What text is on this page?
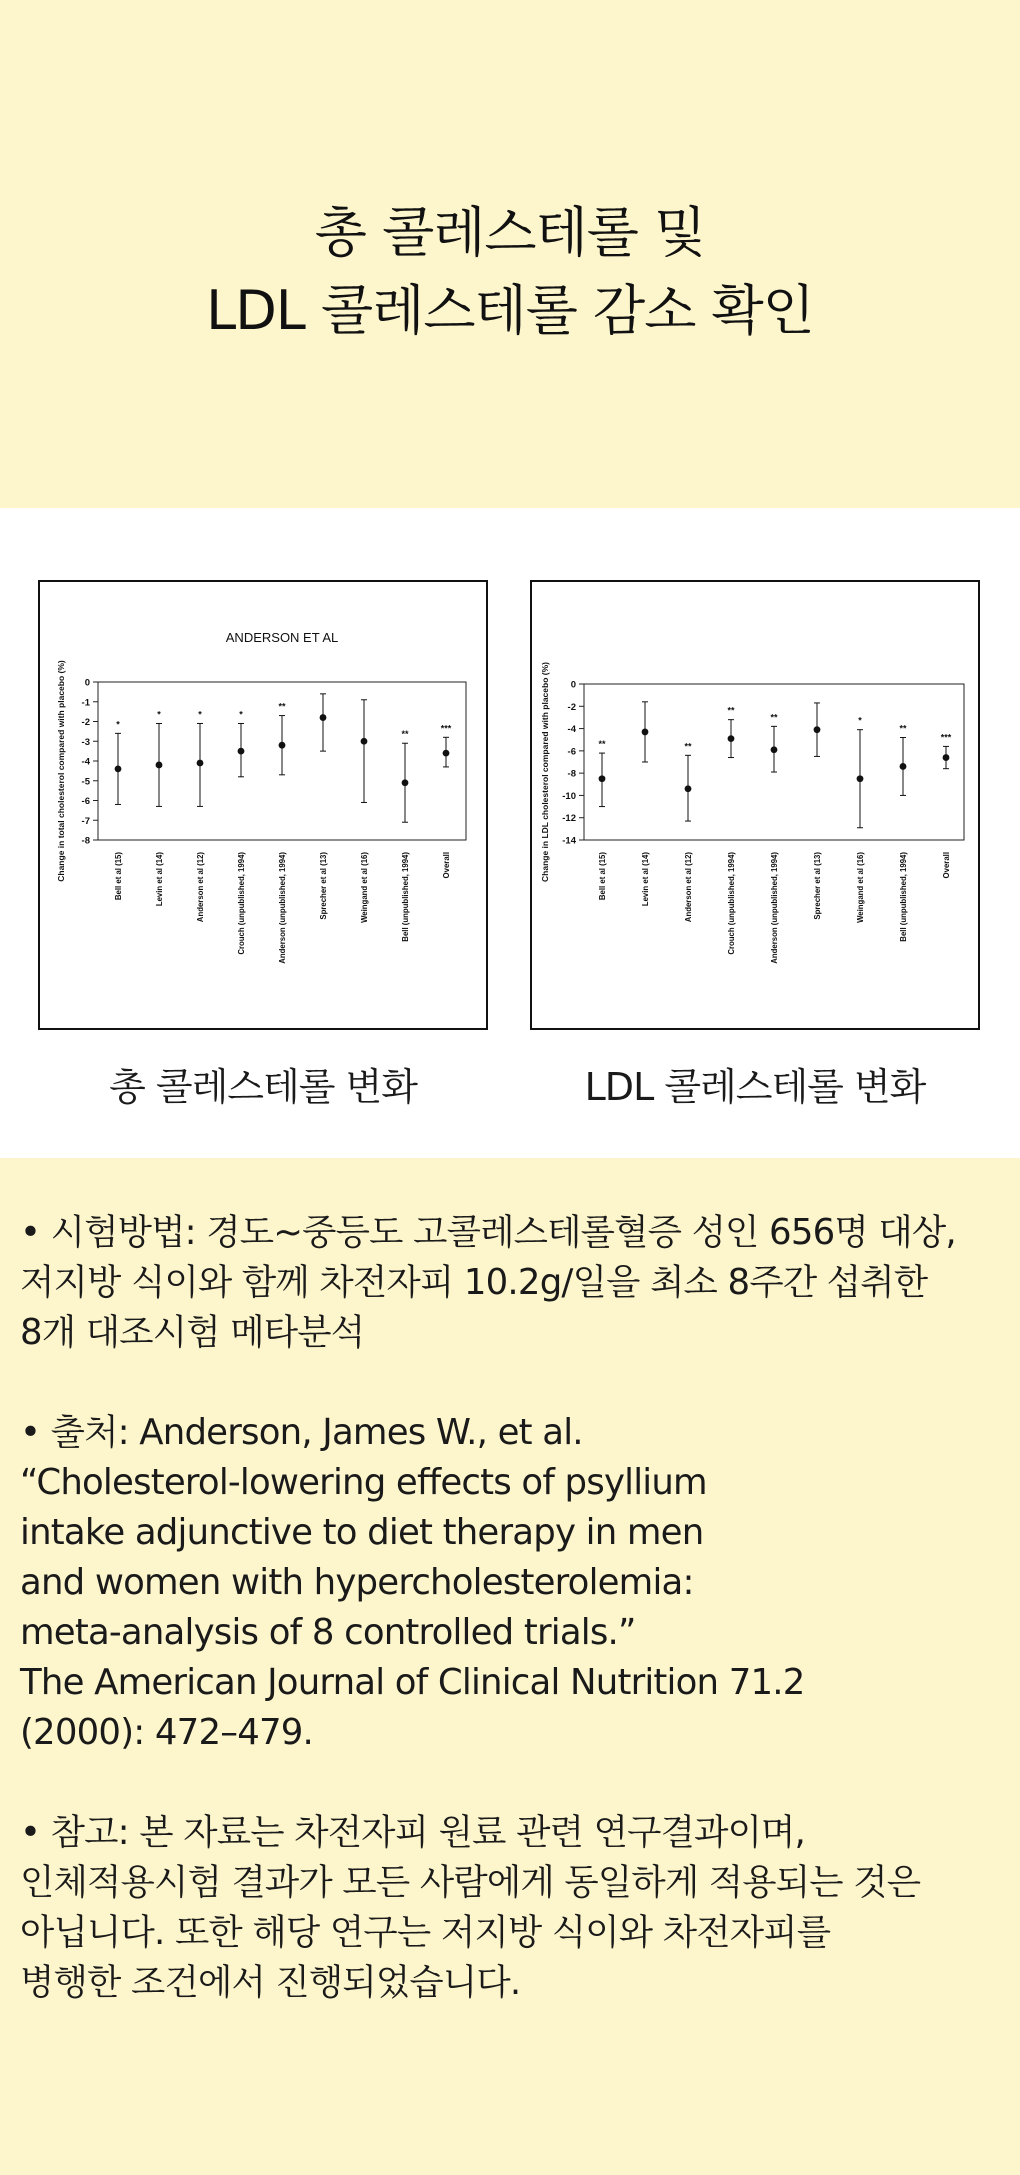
총 콜레스테롤 및
LDL 콜레스테롤 감소 확인
ANDERSON ET AL
Change in total cholesterol compared with placebo (%) 0
-1
-2
-3
-4
-5
-6
-7
-8
*
Bell et al (15)
*
Levin et al (14)
*
Anderson et al (12)
*
Crouch (unpublished, 1994)
**
Anderson (unpublished, 1994)	Sprecher et al (13)	Weingand et al (16)
**
Bell (unpublished, 1994)
***
Overall
총 콜레스테롤 변화
Change in LDL cholesterol compared with placebo (%) 0
-2
-4
-6
-8
-10
-12
-14
**
Bell et al (15)	Levin et al (14)
**
Anderson et al (12)
**
Crouch (unpublished, 1994)
**
Anderson (unpublished, 1994)	Sprecher et al (13)
*
Weingand et al (16)
**
Bell (unpublished, 1994)
***
Overall
LDL 콜레스테롤 변화
• 시험방법: 경도~중등도 고콜레스테롤혈증 성인 656명 대상,
저지방 식이와 함께 차전자피 10.2g/일을 최소 8주간 섭취한
8개 대조시험 메타분석
• 출처: Anderson, James W., et al.
“Cholesterol-lowering effects of psyllium
intake adjunctive to diet therapy in men
and women with hypercholesterolemia:
meta-analysis of 8 controlled trials.”
The American Journal of Clinical Nutrition 71.2
(2000): 472–479.
• 참고: 본 자료는 차전자피 원료 관련 연구결과이며,
인체적용시험 결과가 모든 사람에게 동일하게 적용되는 것은
아닙니다. 또한 해당 연구는 저지방 식이와 차전자피를
병행한 조건에서 진행되었습니다.
